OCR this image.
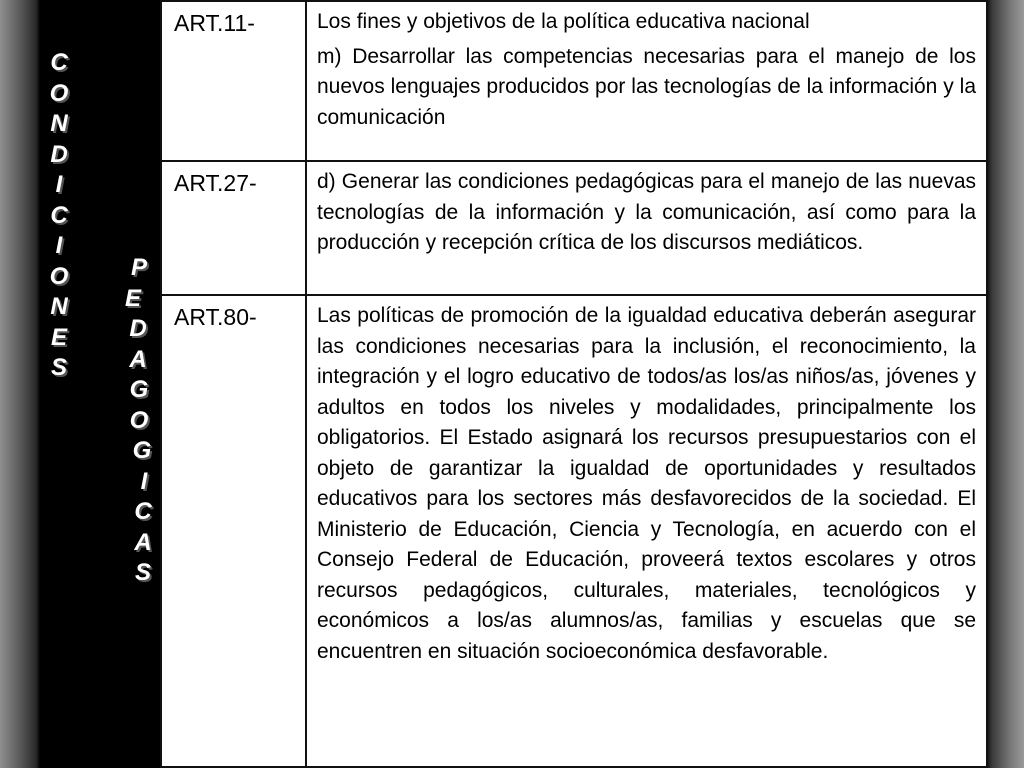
C
O
N
D
I
C
I
O
N
E
S
P
E
D
A
G
O
G
I
C
A
S
ART.11-	Los fines y objetivos de la política educativa nacional

m) Desarrollar las competencias necesarias para el manejo de los nuevos lenguajes producidos por las tecnologías de la información y la comunicación

ART.27-	d) Generar las condiciones pedagógicas para el manejo de las nuevas tecnologías de la información y la comunicación, así como para la producción y recepción crítica de los discursos mediáticos.

ART.80-	Las políticas de promoción de la igualdad educativa deberán asegurar las condiciones necesarias para la inclusión, el reconocimiento, la integración y el logro educativo de todos/as los/as niños/as, jóvenes y adultos en todos los niveles y modalidades, principalmente los obligatorios. El Estado asignará los recursos presupuestarios con el objeto de garantizar la igualdad de oportunidades y resultados educativos para los sectores más desfavorecidos de la sociedad. El Ministerio de Educación, Ciencia y Tecnología, en acuerdo con el Consejo Federal de Educación, proveerá textos escolares y otros recursos pedagógicos, culturales, materiales, tecnológicos y económicos a los/as alumnos/as, familias y escuelas que se encuentren en situación socioeconómica desfavorable.
